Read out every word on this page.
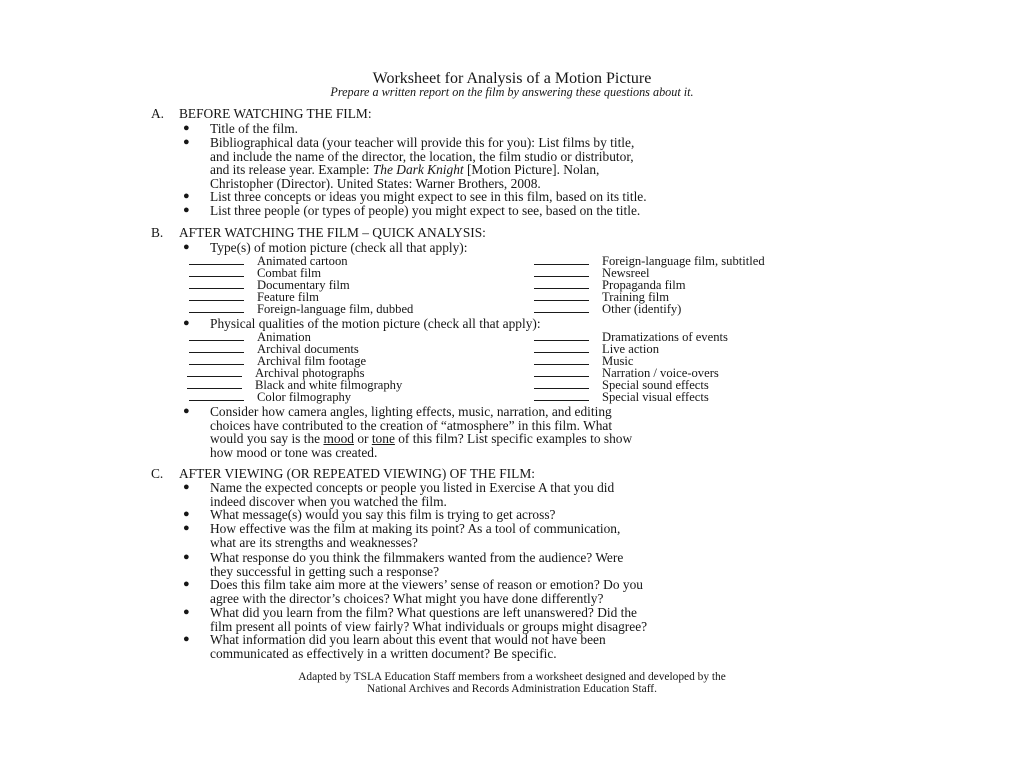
Worksheet for Analysis of a Motion Picture
Prepare a written report on the film by answering these questions about it.
A. BEFORE WATCHING THE FILM:
● Title of the film.
● Bibliographical data (your teacher will provide this for you): List films by title,
and include the name of the director, the location, the film studio or distributor,
and its release year. Example: The Dark Knight [Motion Picture]. Nolan,
Christopher (Director). United States: Warner Brothers, 2008.
● List three concepts or ideas you might expect to see in this film, based on its title.
● List three people (or types of people) you might expect to see, based on the title.
B. AFTER WATCHING THE FILM – QUICK ANALYSIS:
● Type(s) of motion picture (check all that apply):
Animated cartoon
Combat film
Documentary film
Feature film
Foreign-language film, dubbed
Foreign-language film, subtitled
Newsreel
Propaganda film
Training film
Other (identify)
● Physical qualities of the motion picture (check all that apply):
Animation
Archival documents
Archival film footage
Archival photographs
Black and white filmography
Color filmography
Dramatizations of events
Live action
Music
Narration / voice-overs
Special sound effects
Special visual effects
● Consider how camera angles, lighting effects, music, narration, and editing
choices have contributed to the creation of “atmosphere” in this film. What
would you say is the mood or tone of this film? List specific examples to show
how mood or tone was created.
C. AFTER VIEWING (OR REPEATED VIEWING) OF THE FILM:
● Name the expected concepts or people you listed in Exercise A that you did
indeed discover when you watched the film.
● What message(s) would you say this film is trying to get across?
● How effective was the film at making its point? As a tool of communication,
what are its strengths and weaknesses?
● What response do you think the filmmakers wanted from the audience? Were
they successful in getting such a response?
● Does this film take aim more at the viewers’ sense of reason or emotion? Do you
agree with the director’s choices? What might you have done differently?
● What did you learn from the film? What questions are left unanswered? Did the
film present all points of view fairly? What individuals or groups might disagree?
● What information did you learn about this event that would not have been
communicated as effectively in a written document? Be specific.
Adapted by TSLA Education Staff members from a worksheet designed and developed by the
National Archives and Records Administration Education Staff.
